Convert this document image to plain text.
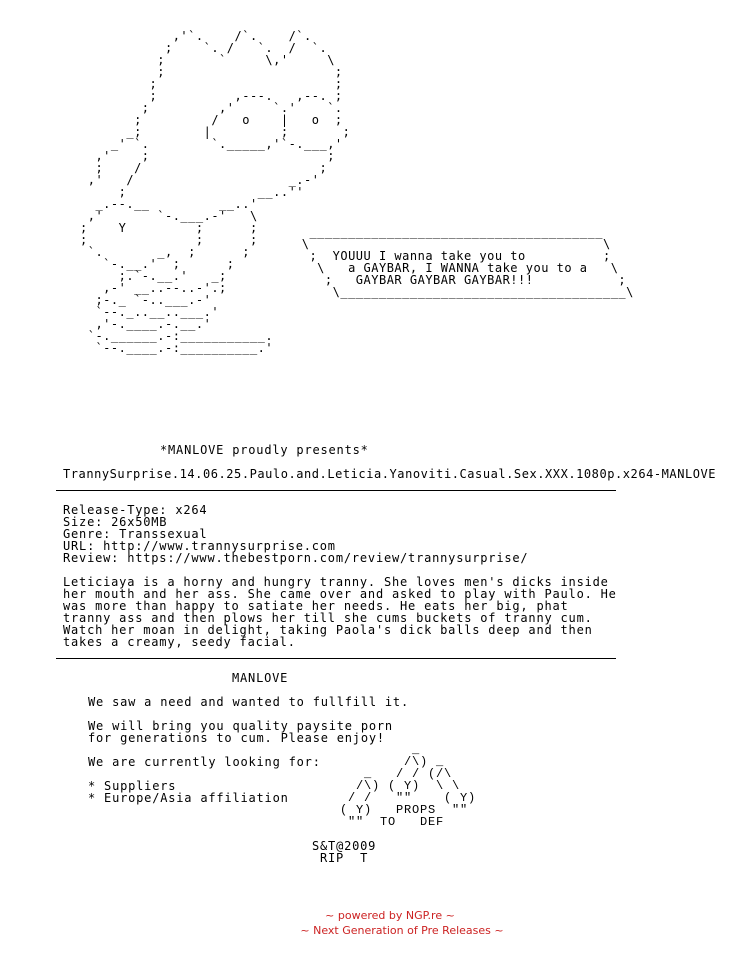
,'`.    /`.    /`.
;    `. /   `.  /  `.
;       `     \,'     \
;                      ;
;                       ;
;          ,---.   ,--. ;
;         ,'     `.'    `.
;         /   o    |   o  ;
_;        |         ;       ;
_' `.        `._____,'`-.___,'
,'    ;                       ;
;    /                       ;
,'   /                    _.-'
;                 __..''
_.--.__         __..'
,'       `-.___.-'   \
;    Y         ;      ;
;              ;      ;
`.       _,  ;      ;
`-.__.'  ;      ;
;.`-.__.'   _;
,-' __..--..-'.;
;-._ `-..___.-'
`--._..__..___.'
,'-.____.-.__.'
`-.______.-:___________.
`--.____.-:__________.'
______________________________________
\                                      \
;  YOUUU I wanna take you to          ;
\   a GAYBAR, I WANNA take you to a   \
;   GAYBAR GAYBAR GAYBAR!!!           ;
\_____________________________________\
*MANLOVE proudly presents*
TrannySurprise.14.06.25.Paulo.and.Leticia.Yanoviti.Casual.Sex.XXX.1080p.x264-MANLOVE
Release-Type: x264
Size: 26x50MB
Genre: Transsexual
URL: http://www.trannysurprise.com
Review: https://www.thebestporn.com/review/trannysurprise/
Leticiaya is a horny and hungry tranny. She loves men's dicks inside
her mouth and her ass. She came over and asked to play with Paulo. He
was more than happy to satiate her needs. He eats her big, phat
tranny ass and then plows her till she cums buckets of tranny cum.
Watch her moan in delight, taking Paola's dick balls deep and then
takes a creamy, seedy facial.
MANLOVE
We saw a need and wanted to fullfill it.
We will bring you quality paysite porn
for generations to cum. Please enjoy!
We are currently looking for:
* Suppliers
* Europe/Asia affiliation
_
/\) _
_   / / (/\
/\) ( Y)  \ \
/ /   ""    ( Y)
( Y)   PROPS  ""
""  TO   DEF
S&T@2009
RIP  T
~ powered by NGP.re ~
~ Next Generation of Pre Releases ~
